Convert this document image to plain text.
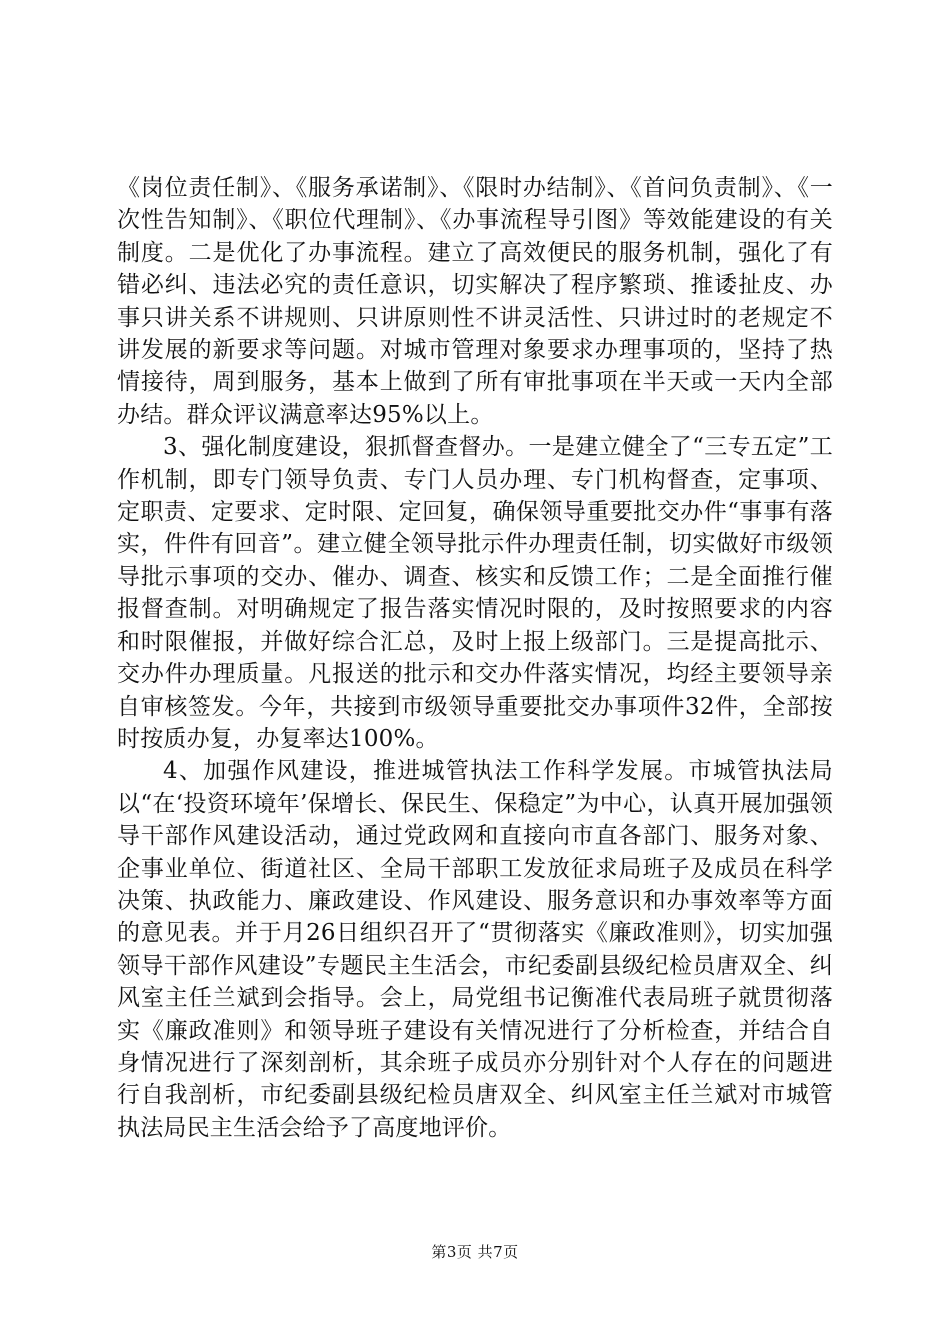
《岗位责任制》、《服务承诺制》、《限时办结制》、《首问负责制》、《一次性告知制》、《职位代理制》、《办事流程导引图》等效能建设的有关制度。二是优化了办事流程。建立了高效便民的服务机制，强化了有错必纠、违法必究的责任意识，切实解决了程序繁琐、推诿扯皮、办事只讲关系不讲规则、只讲原则性不讲灵活性、只讲过时的老规定不讲发展的新要求等问题。对城市管理对象要求办理事项的，坚持了热情接待，周到服务，基本上做到了所有审批事项在半天或一天内全部办结。群众评议满意率达95%以上。

3、强化制度建设，狠抓督查督办。一是建立健全了“三专五定”工作机制，即专门领导负责、专门人员办理、专门机构督查，定事项、定职责、定要求、定时限、定回复，确保领导重要批交办件“事事有落实，件件有回音”。建立健全领导批示件办理责任制，切实做好市级领导批示事项的交办、催办、调查、核实和反馈工作；二是全面推行催报督查制。对明确规定了报告落实情况时限的，及时按照要求的内容和时限催报，并做好综合汇总，及时上报上级部门。三是提高批示、交办件办理质量。凡报送的批示和交办件落实情况，均经主要领导亲自审核签发。今年，共接到市级领导重要批交办事项件32件，全部按时按质办复，办复率达100%。

4、加强作风建设，推进城管执法工作科学发展。市城管执法局以“在‘投资环境年’保增长、保民生、保稳定”为中心，认真开展加强领导干部作风建设活动，通过党政网和直接向市直各部门、服务对象、企事业单位、街道社区、全局干部职工发放征求局班子及成员在科学决策、执政能力、廉政建设、作风建设、服务意识和办事效率等方面的意见表。并于月26日组织召开了“贯彻落实《廉政准则》，切实加强领导干部作风建设”专题民主生活会，市纪委副县级纪检员唐双全、纠风室主任兰斌到会指导。会上，局党组书记衡准代表局班子就贯彻落实《廉政准则》和领导班子建设有关情况进行了分析检查，并结合自身情况进行了深刻剖析，其余班子成员亦分别针对个人存在的问题进行自我剖析，市纪委副县级纪检员唐双全、纠风室主任兰斌对市城管执法局民主生活会给予了高度地评价。

第3页 共7页
